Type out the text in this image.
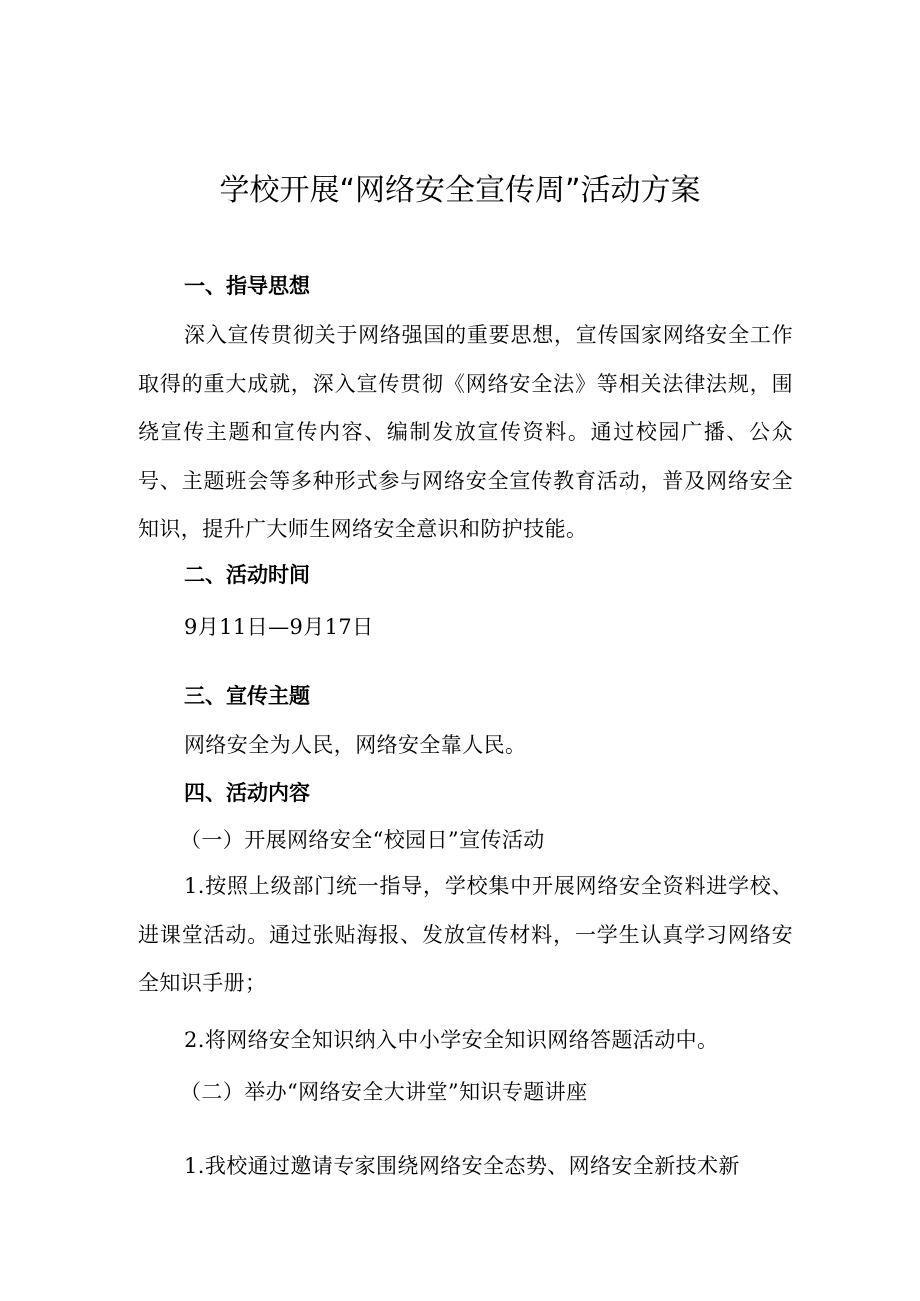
学校开展“网络安全宣传周”活动方案
一、指导思想
深入宣传贯彻关于网络强国的重要思想，宣传国家网络安全工作取得的重大成就，深入宣传贯彻《网络安全法》等相关法律法规，围绕宣传主题和宣传内容、编制发放宣传资料。通过校园广播、公众号、主题班会等多种形式参与网络安全宣传教育活动，普及网络安全知识，提升广大师生网络安全意识和防护技能。
二、活动时间
9月11日—9月17日
三、宣传主题
网络安全为人民，网络安全靠人民。
四、活动内容
（一）开展网络安全“校园日”宣传活动
1.按照上级部门统一指导，学校集中开展网络安全资料进学校、进课堂活动。通过张贴海报、发放宣传材料，一学生认真学习网络安全知识手册；
2.将网络安全知识纳入中小学安全知识网络答题活动中。
（二）举办“网络安全大讲堂”知识专题讲座
1.我校通过邀请专家围绕网络安全态势、网络安全新技术新
